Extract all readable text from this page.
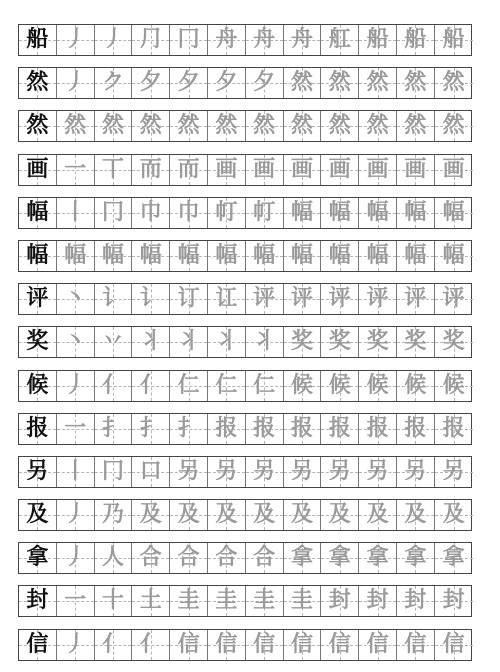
船 丿 丿 ⺆ 冂 舟 舟 舟 舡 船 船 船
然 丿 ク 夕 夕 夕 夕 然 然 然 然 然
然 然 然 然 然 然 然 然 然 然 然 然
画 一 丅 而 而 画 画 画 画 画 画 画
幅 丨 冂 巾 巾 帄 帄 幅 幅 幅 幅 幅
幅 幅 幅 幅 幅 幅 幅 幅 幅 幅 幅 幅
评 丶 讠 讠 订 讧 评 评 评 评 评 评
奖 丶 丷 丬 丬 丬 丬 奖 奖 奖 奖 奖
候 丿 亻 亻 仁 仁 仁 候 候 候 候 候
报 一 扌 扌 扌 报 报 报 报 报 报 报
另 丨 冂 口 另 另 另 另 另 另 另 另
及 丿 乃 及 及 及 及 及 及 及 及 及
拿 丿 人 合 合 合 合 拿 拿 拿 拿 拿
封 一 十 土 圭 圭 圭 圭 封 封 封 封
信 丿 亻 亻 信 信 信 信 信 信 信 信
